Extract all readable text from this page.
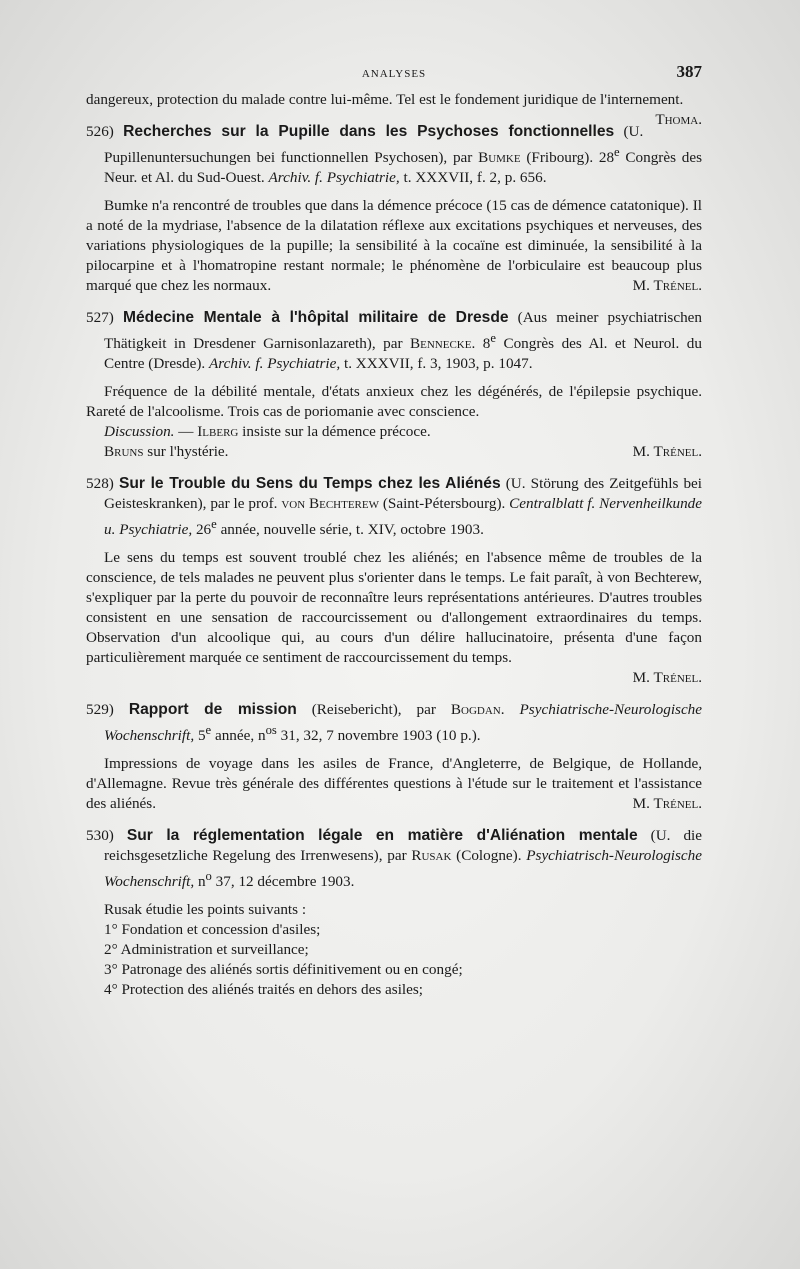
ANALYSES	387

dangereux, protection du malade contre lui-même. Tel est le fondement juridique de l'internement.
Thoma.

526) Recherches sur la Pupille dans les Psychoses fonctionnelles (U. Pupillenuntersuchungen bei functionnellen Psychosen), par Bumke (Fribourg). 28e Congrès des Neur. et Al. du Sud-Ouest. Archiv. f. Psychiatrie, t. XXXVII, f. 2, p. 656.

Bumke n'a rencontré de troubles que dans la démence précoce (15 cas de démence catatonique). Il a noté de la mydriase, l'absence de la dilatation réflexe aux excitations psychiques et nerveuses, des variations physiologiques de la pupille; la sensibilité à la cocaïne est diminuée, la sensibilité à la pilocarpine et à l'homatropine restant normale; le phénomène de l'orbiculaire est beaucoup plus marqué que chez les normaux.	M. Trénel.

527) Médecine Mentale à l'hôpital militaire de Dresde (Aus meiner psychiatrischen Thätigkeit in Dresdener Garnisonlazareth), par Bennecke. 8e Congrès des Al. et Neurol. du Centre (Dresde). Archiv. f. Psychiatrie, t. XXXVII, f. 3, 1903, p. 1047.

Fréquence de la débilité mentale, d'états anxieux chez les dégénérés, de l'épilepsie psychique. Rareté de l'alcoolisme. Trois cas de poriomanie avec conscience.

Discussion. — Ilberg insiste sur la démence précoce.

Bruns sur l'hystérie.	M. Trénel.

528) Sur le Trouble du Sens du Temps chez les Aliénés (U. Störung des Zeitgefühls bei Geisteskranken), par le prof. von Bechterew (Saint-Pétersbourg). Centralblatt f. Nervenheilkunde u. Psychiatrie, 26e année, nouvelle série, t. XIV, octobre 1903.

Le sens du temps est souvent troublé chez les aliénés; en l'absence même de troubles de la conscience, de tels malades ne peuvent plus s'orienter dans le temps. Le fait paraît, à von Bechterew, s'expliquer par la perte du pouvoir de reconnaître leurs représentations antérieures. D'autres troubles consistent en une sensation de raccourcissement ou d'allongement extraordinaires du temps. Observation d'un alcoolique qui, au cours d'un délire hallucinatoire, présenta d'une façon particulièrement marquée ce sentiment de raccourcissement du temps.

M. Trénel.

529) Rapport de mission (Reisebericht), par Bogdan. Psychiatrische-Neurologische Wochenschrift, 5e année, $n^{os}$ 31, 32, 7 novembre 1903 (10 p.).

Impressions de voyage dans les asiles de France, d'Angleterre, de Belgique, de Hollande, d'Allemagne. Revue très générale des différentes questions à l'étude sur le traitement et l'assistance des aliénés.	M. Trénel.

530) Sur la réglementation légale en matière d'Aliénation mentale (U. die reichsgesetzliche Regelung des Irrenwesens), par Rusak (Cologne). Psychiatrisch-Neurologische Wochenschrift, $n^o$ 37, 12 décembre 1903.

Rusak étudie les points suivants :

1° Fondation et concession d'asiles;

2° Administration et surveillance;

3° Patronage des aliénés sortis définitivement ou en congé;

4° Protection des aliénés traités en dehors des asiles;
